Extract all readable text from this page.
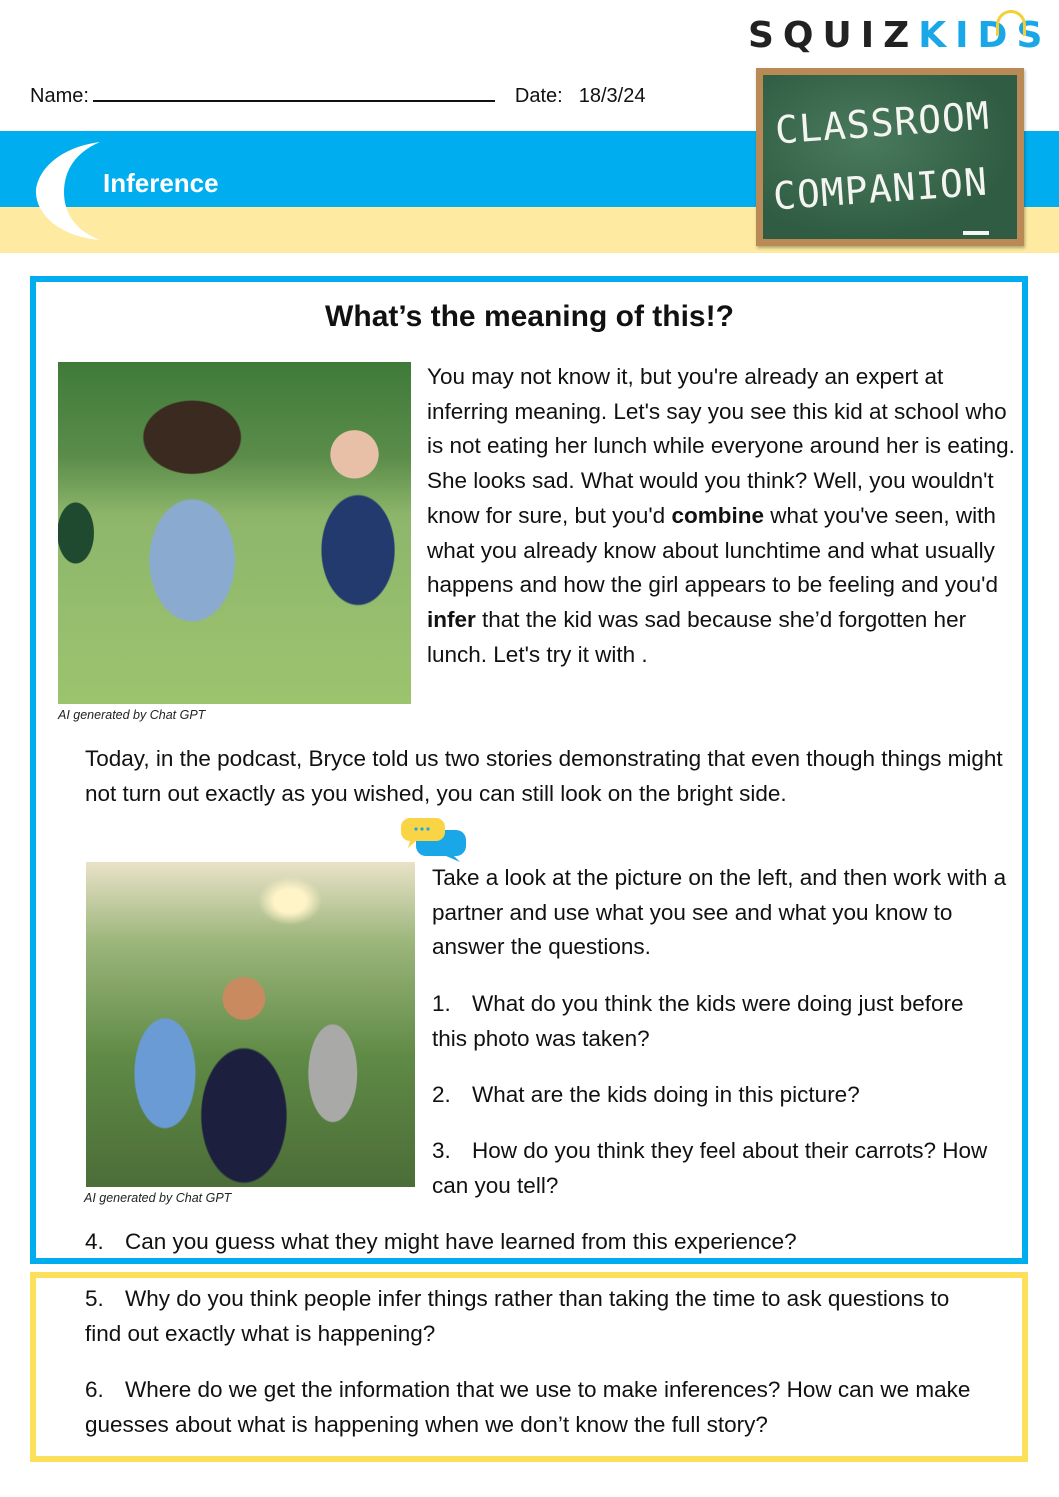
SQUIZKIDS
Name:	Date: 18/3/24
Inference
CLASSROOM
COMPANION
What’s the meaning of this!?
AI generated by Chat GPT

You may not know it, but you're already an expert at inferring meaning. Let's say you see this kid at school who is not eating her lunch while everyone around her is eating. She looks sad. What would you think? Well, you wouldn't know for sure, but you'd combine what you've seen, with what you already know about lunchtime and what usually happens and how the girl appears to be feeling and you'd infer that the kid was sad because she’d forgotten her lunch. Let's try it with .

Today, in the podcast, Bryce told us two stories demonstrating that even though things might not turn out exactly as you wished, you can still look on the bright side.

AI generated by Chat GPT

Take a look at the picture on the left, and then work with a partner and use what you see and what you know to answer the questions.

1. What do you think the kids were doing just before this photo was taken?

2. What are the kids doing in this picture?

3. How do you think they feel about their carrots? How can you tell?

4. Can you guess what they might have learned from this experience?

5. Why do you think people infer things rather than taking the time to ask questions to find out exactly what is happening?

6. Where do we get the information that we use to make inferences? How can we make guesses about what is happening when we don’t know the full story?
